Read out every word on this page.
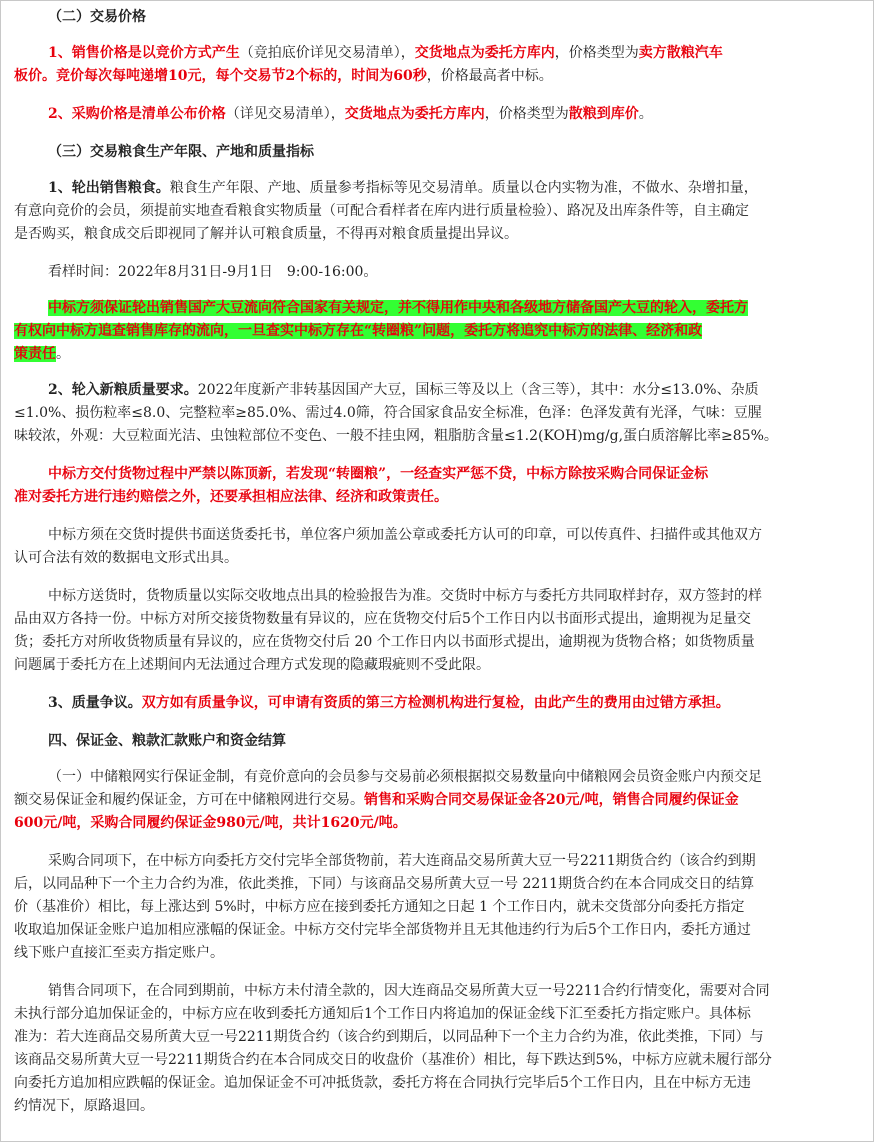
（二）交易价格
1、销售价格是以竞价方式产生（竞拍底价详见交易清单），交货地点为委托方库内，价格类型为卖方散粮汽车
板价。竞价每次每吨递增10元，每个交易节2个标的，时间为60秒，价格最高者中标。
2、采购价格是清单公布价格（详见交易清单），交货地点为委托方库内，价格类型为散粮到库价。
（三）交易粮食生产年限、产地和质量指标
1、轮出销售粮食。粮食生产年限、产地、质量参考指标等见交易清单。质量以仓内实物为准，不做水、杂增扣量，
有意向竞价的会员，须提前实地查看粮食实物质量（可配合看样者在库内进行质量检验）、路况及出库条件等，自主确定
是否购买，粮食成交后即视同了解并认可粮食质量，不得再对粮食质量提出异议。
看样时间：2022年8月31日-9月1日　9:00-16:00。
中标方须保证轮出销售国产大豆流向符合国家有关规定，并不得用作中央和各级地方储备国产大豆的轮入，委托方
有权向中标方追查销售库存的流向，一旦查实中标方存在“转圈粮”问题，委托方将追究中标方的法律、经济和政
策责任。
2、轮入新粮质量要求。2022年度新产非转基因国产大豆，国标三等及以上（含三等），其中：水分≤13.0%、杂质
≤1.0%、损伤粒率≤8.0、完整粒率≥85.0%、需过4.0筛，符合国家食品安全标准，色泽：色泽发黄有光泽，气味：豆腥
味较浓，外观：大豆粒面光洁、虫蚀粒部位不变色、一般不挂虫网，粗脂肪含量≤1.2(KOH)mg/g,蛋白质溶解比率≥85%。
中标方交付货物过程中严禁以陈顶新，若发现“转圈粮”，一经查实严惩不贷，中标方除按采购合同保证金标
准对委托方进行违约赔偿之外，还要承担相应法律、经济和政策责任。
中标方须在交货时提供书面送货委托书，单位客户须加盖公章或委托方认可的印章，可以传真件、扫描件或其他双方
认可合法有效的数据电文形式出具。
中标方送货时，货物质量以实际交收地点出具的检验报告为准。交货时中标方与委托方共同取样封存，双方签封的样
品由双方各持一份。中标方对所交接货物数量有异议的，应在货物交付后5个工作日内以书面形式提出，逾期视为足量交
货；委托方对所收货物质量有异议的，应在货物交付后 20 个工作日内以书面形式提出，逾期视为货物合格；如货物质量
问题属于委托方在上述期间内无法通过合理方式发现的隐藏瑕疵则不受此限。
3、质量争议。双方如有质量争议，可申请有资质的第三方检测机构进行复检，由此产生的费用由过错方承担。
四、保证金、粮款汇款账户和资金结算
（一）中储粮网实行保证金制，有竞价意向的会员参与交易前必须根据拟交易数量向中储粮网会员资金账户内预交足
额交易保证金和履约保证金，方可在中储粮网进行交易。销售和采购合同交易保证金各20元/吨，销售合同履约保证金
600元/吨，采购合同履约保证金980元/吨，共计1620元/吨。
采购合同项下，在中标方向委托方交付完毕全部货物前，若大连商品交易所黄大豆一号2211期货合约（该合约到期
后，以同品种下一个主力合约为准，依此类推，下同）与该商品交易所黄大豆一号 2211期货合约在本合同成交日的结算
价（基准价）相比，每上涨达到 5%时，中标方应在接到委托方通知之日起 1 个工作日内，就未交货部分向委托方指定
收取追加保证金账户追加相应涨幅的保证金。中标方交付完毕全部货物并且无其他违约行为后5个工作日内，委托方通过
线下账户直接汇至卖方指定账户。
销售合同项下，在合同到期前，中标方未付清全款的，因大连商品交易所黄大豆一号2211合约行情变化，需要对合同
未执行部分追加保证金的，中标方应在收到委托方通知后1个工作日内将追加的保证金线下汇至委托方指定账户。具体标
准为：若大连商品交易所黄大豆一号2211期货合约（该合约到期后，以同品种下一个主力合约为准，依此类推，下同）与
该商品交易所黄大豆一号2211期货合约在本合同成交日的收盘价（基准价）相比，每下跌达到5%，中标方应就未履行部分
向委托方追加相应跌幅的保证金。追加保证金不可冲抵货款，委托方将在合同执行完毕后5个工作日内，且在中标方无违
约情况下，原路退回。
